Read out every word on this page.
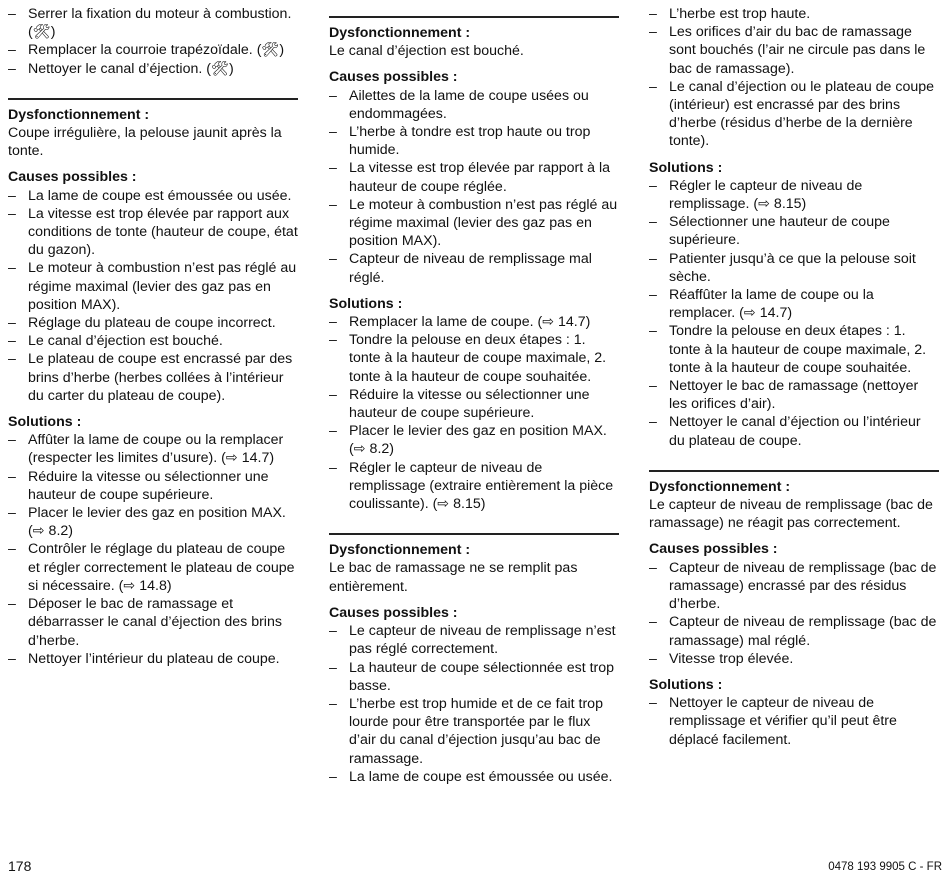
– Serrer la fixation du moteur à combustion. (🛠)
– Remplacer la courroie trapézoïdale. (🛠)
– Nettoyer le canal d’éjection. (🛠)

Dysfonctionnement :

Coupe irrégulière, la pelouse jaunit après la tonte.

Causes possibles :

– La lame de coupe est émoussée ou usée.
– La vitesse est trop élevée par rapport aux conditions de tonte (hauteur de coupe, état du gazon).
– Le moteur à combustion n’est pas réglé au régime maximal (levier des gaz pas en position MAX).
– Réglage du plateau de coupe incorrect.
– Le canal d’éjection est bouché.
– Le plateau de coupe est encrassé par des brins d’herbe (herbes collées à l’intérieur du carter du plateau de coupe).

Solutions :

– Affûter la lame de coupe ou la remplacer (respecter les limites d’usure). (⇨ 14.7)
– Réduire la vitesse ou sélectionner une hauteur de coupe supérieure.
– Placer le levier des gaz en position MAX. (⇨ 8.2)
– Contrôler le réglage du plateau de coupe et régler correctement le plateau de coupe si nécessaire. (⇨ 14.8)
– Déposer le bac de ramassage et débarrasser le canal d’éjection des brins d’herbe.
– Nettoyer l’intérieur du plateau de coupe.

Dysfonctionnement :

Le canal d’éjection est bouché.

Causes possibles :

– Ailettes de la lame de coupe usées ou endommagées.
– L’herbe à tondre est trop haute ou trop humide.
– La vitesse est trop élevée par rapport à la hauteur de coupe réglée.
– Le moteur à combustion n’est pas réglé au régime maximal (levier des gaz pas en position MAX).
– Capteur de niveau de remplissage mal réglé.

Solutions :

– Remplacer la lame de coupe. (⇨ 14.7)
– Tondre la pelouse en deux étapes : 1. tonte à la hauteur de coupe maximale, 2. tonte à la hauteur de coupe souhaitée.
– Réduire la vitesse ou sélectionner une hauteur de coupe supérieure.
– Placer le levier des gaz en position MAX. (⇨ 8.2)
– Régler le capteur de niveau de remplissage (extraire entièrement la pièce coulissante). (⇨ 8.15)

Dysfonctionnement :

Le bac de ramassage ne se remplit pas entièrement.

Causes possibles :

– Le capteur de niveau de remplissage n’est pas réglé correctement.
– La hauteur de coupe sélectionnée est trop basse.
– L’herbe est trop humide et de ce fait trop lourde pour être transportée par le flux d’air du canal d’éjection jusqu’au bac de ramassage.
– La lame de coupe est émoussée ou usée.
– L’herbe est trop haute.
– Les orifices d’air du bac de ramassage sont bouchés (l’air ne circule pas dans le bac de ramassage).
– Le canal d’éjection ou le plateau de coupe (intérieur) est encrassé par des brins d’herbe (résidus d’herbe de la dernière tonte).

Solutions :

– Régler le capteur de niveau de remplissage. (⇨ 8.15)
– Sélectionner une hauteur de coupe supérieure.
– Patienter jusqu’à ce que la pelouse soit sèche.
– Réaffûter la lame de coupe ou la remplacer. (⇨ 14.7)
– Tondre la pelouse en deux étapes : 1. tonte à la hauteur de coupe maximale, 2. tonte à la hauteur de coupe souhaitée.
– Nettoyer le bac de ramassage (nettoyer les orifices d’air).
– Nettoyer le canal d’éjection ou l’intérieur du plateau de coupe.

Dysfonctionnement :

Le capteur de niveau de remplissage (bac de ramassage) ne réagit pas correctement.

Causes possibles :

– Capteur de niveau de remplissage (bac de ramassage) encrassé par des résidus d’herbe.
– Capteur de niveau de remplissage (bac de ramassage) mal réglé.
– Vitesse trop élevée.

Solutions :

– Nettoyer le capteur de niveau de remplissage et vérifier qu’il peut être déplacé facilement.
178	0478 193 9905 C - FR
